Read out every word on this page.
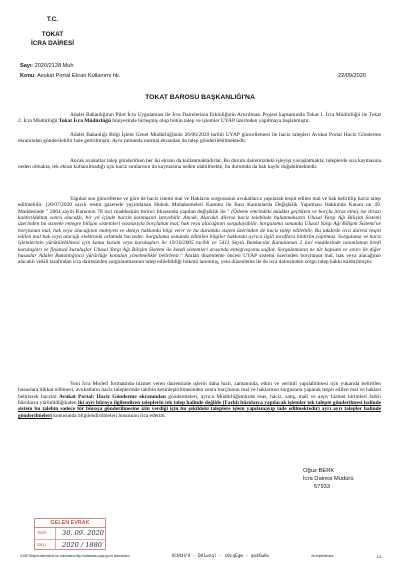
T.C.
TOKAT
İCRA DAİRESİ
Sayı: 2020/2128 Muh
Konu: Avukat Portal Ekran Kullanımı hk.	22/09/2020
TOKAT BAROSU BAŞKANLIĞI'NA

Adalet Bakanlığının Pilot İcra Uygulaması ile İcra Dairelerinin Etkinliğinin Artırılması Projesi kapsamında Tokat 1. İcra Müdürlüğü ile Tokat 2. İcra Müdürlüğü Tokat İcra Müdürlüğü bünyesinde birleşmiş olup bütün talep ve işlemler UYAP üzerinden yapılmaya başlanmıştır.

Adalet Bakanlığı Bilgi İşlem Genel Müdürlüğünün 26/06/2020 tarihli UYAP güncellemesi ile haciz talepleri Avukat Portal Haciz Gönderme ekranından gönderilebilir hale getirilmiştir. Aynı zamanda normal ekrandan da talep gönderilebilmektedir.

Ancak avukatlar talep gönderirken her iki ekranı da kullanmaktadırlar. Bu durum dairemizdeki işleyişi yavaşlatmakta, taleplerde sıra kaymasına neden olmakta, tek ekran kullanılmadığı için haciz sıralarının da kaymasına neden olabilmekte, bu durumda da hak kaybı doğabilmektedir.

Yapılan son güncelleme ve göre de haciz istemi mal ve Hakların sorgusunun avukatlarca yapılarak tespit edilen mal ve hak belirtilip haciz talep edilmelidir. (28/07/2020 sayılı resmi gazetede yayımlanan Hukuk Muhakemeleri Kanunu ile Bazı Kanunlarda Değişiklik Yapılması Hakkında Kanun un 49. Maddesinde " 2004 sayılı Kanunun 78 inci maddesinin birinci fıkrasında yapılan değişiklik ile " (Ödeme emrindeki müddet geçtikten ve borçlu itiraz etmiş ise itirazı kaldırıldıktan sonra alacaklı, bir yıl içinde haczin konmasını isteyebilir. Ancak, Alacaklı dilerse haciz talebinde bulunmaksızın Ulusal Yargı Ağı Bilişim Sistemi üzerinden bu sisteme entegre bilişim sistemleri vasıtasıyla borçlunun mal, hak veya alacağının sorgulayabilir. Sorgulama sonunda Ulusal Yargı Ağı Bilişim Sistemi'ne borçlunun mal, hak veya alacağının mahiyeti ve detayı hakkında bilgi verir ve bu durumda sistem üzerinden de haciz talep edilebilir. Bu takdirde icra dairesi tespit edilen mal hak veya alacağı elektronik ortamda haczeder. Sorgulama sonunda edinilen bilgiler hakkında ayrıca ilgili taraflara bildirim yapılmaz. Sorgulama ve haciz işlemlerinin yürütülebilmesi için kamu kurum veya kuruluşları ile 19/10/2005 tarihli ve 5411 Sayılı Bankacılık Kanununun 2 inci maddesinde tanımlanan kredi kuruluşları ve finansal kuruluşlar Ulusal Yargı Ağı Bilişim Sistemi ile kendi sistemleri arasında entegrasyonu sağlar. Sorgulamanın ne tür kapsam ve sınırı ile diğer hususlar Adalet Bakanlığınca yürürlüğe konulan yönetmelikle belirlenir." Anılan düzenleme öncesi UYAP sistemi üzerinden borçlunun mal, hak veya alacağının alacaklı vekili tarafından icra dairesinden sorgulanmasının talep edilebildiği hükmü tanınmış, yeni düzenleme ile de icra dairesinden sorgu talep hakkı kaldırılmıştır.

Yeni İcra Modeli formatında hizmet veren dairemizde işlerin daha hızlı, zamanında, etkin ve verimli yapılabilmesi için yukarıda belirtilen hususlara dikkat edilmesi, avukatların haciz taleplerinde takibin kesinleştirilmesinden sonra borçlunun mal ve haklarının sorgusunu yaparak tespit edilen mal ve hakları belirterek haczini Avukat Portal: Haciz Gönderme ekranından göndermeleri, ayrıca Müdürlüğümüzde esas, haciz, satış, mali ve arşiv hizmet birimleri farklı bürolarca yürütüldüğünden iki ayrı büroya ilgilendiren taleplerin tek talep halinde değilde (Farklı bürolarca yapılacak işlemler tek talepte gönderilmesi halinde sistem bu talebin sadece bir büroya gönderilmesine izin verdiği için bu şekildeki taleplere işlem yapılamayıp iade edilmektedir) ayrı ayrı talepler halinde gönderilmeleri konusunda bilgilendirilmeleri hususunu rica ederim.

Oğuz BERK
İcra Dairesi Müdürü
57933
GELEN EVRAK
Tarih	30. 09. 2020
Sayı	2020 / 1880
UYAP Bilişim sisteminde bu dokümana http://vatandas.uyap.gov.tr adresinden	XCHtH/V - DA1wzql - s0cqEgm - qo4Gw8=	ile erişebilirsiniz.	1/1
